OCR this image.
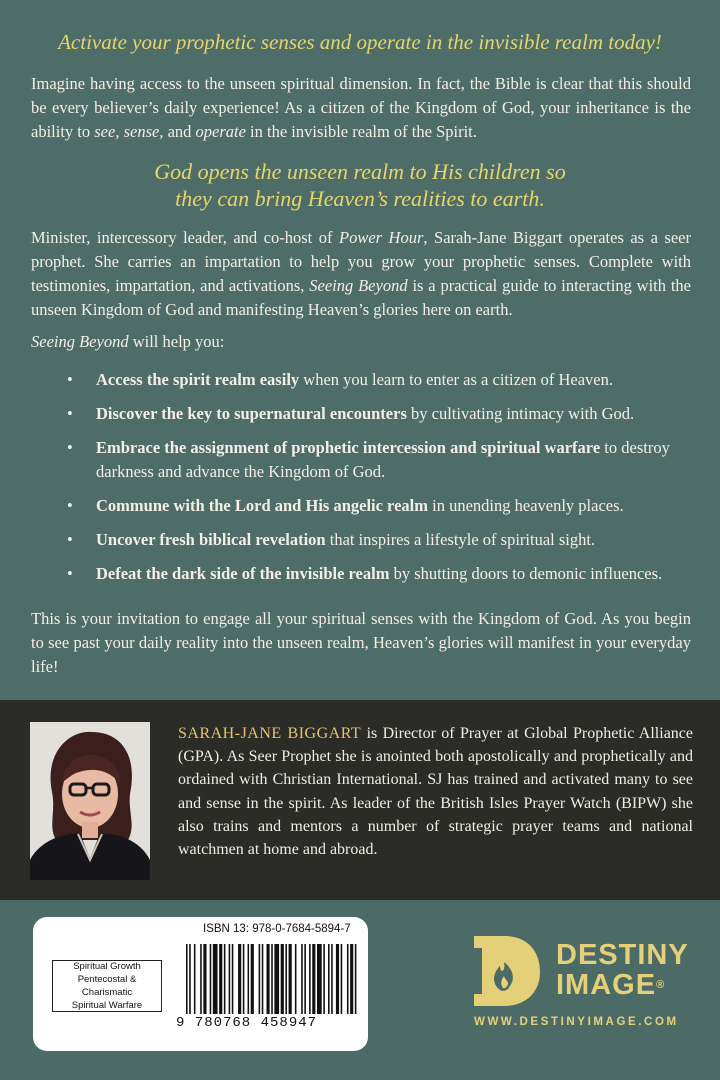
Activate your prophetic senses and operate in the invisible realm today!
Imagine having access to the unseen spiritual dimension. In fact, the Bible is clear that this should be every believer’s daily experience! As a citizen of the Kingdom of God, your inheritance is the ability to see, sense, and operate in the invisible realm of the Spirit.
God opens the unseen realm to His children so
they can bring Heaven’s realities to earth.
Minister, intercessory leader, and co-host of Power Hour, Sarah-Jane Biggart operates as a seer prophet. She carries an impartation to help you grow your prophetic senses. Complete with testimonies, impartation, and activations, Seeing Beyond is a practical guide to interacting with the unseen Kingdom of God and manifesting Heaven’s glories here on earth.
Seeing Beyond will help you:
• Access the spirit realm easily when you learn to enter as a citizen of Heaven.
• Discover the key to supernatural encounters by cultivating intimacy with God.
• Embrace the assignment of prophetic intercession and spiritual warfare to destroy darkness and advance the Kingdom of God.
• Commune with the Lord and His angelic realm in unending heavenly places.
• Uncover fresh biblical revelation that inspires a lifestyle of spiritual sight.
• Defeat the dark side of the invisible realm by shutting doors to demonic influences.
This is your invitation to engage all your spiritual senses with the Kingdom of God. As you begin to see past your daily reality into the unseen realm, Heaven’s glories will manifest in your everyday life!
SARAH-JANE BIGGART is Director of Prayer at Global Prophetic Alliance (GPA). As Seer Prophet she is anointed both apostolically and prophetically and ordained with Christian International. SJ has trained and activated many to see and sense in the spirit. As leader of the British Isles Prayer Watch (BIPW) she also trains and mentors a number of strategic prayer teams and national watchmen at home and abroad.
Spiritual Growth
Pentecostal & Charismatic
Spiritual Warfare
ISBN 13: 978-0-7684-5894-7
9 780768 458947
DESTINY
IMAGE®
WWW.DESTINYIMAGE.COM
